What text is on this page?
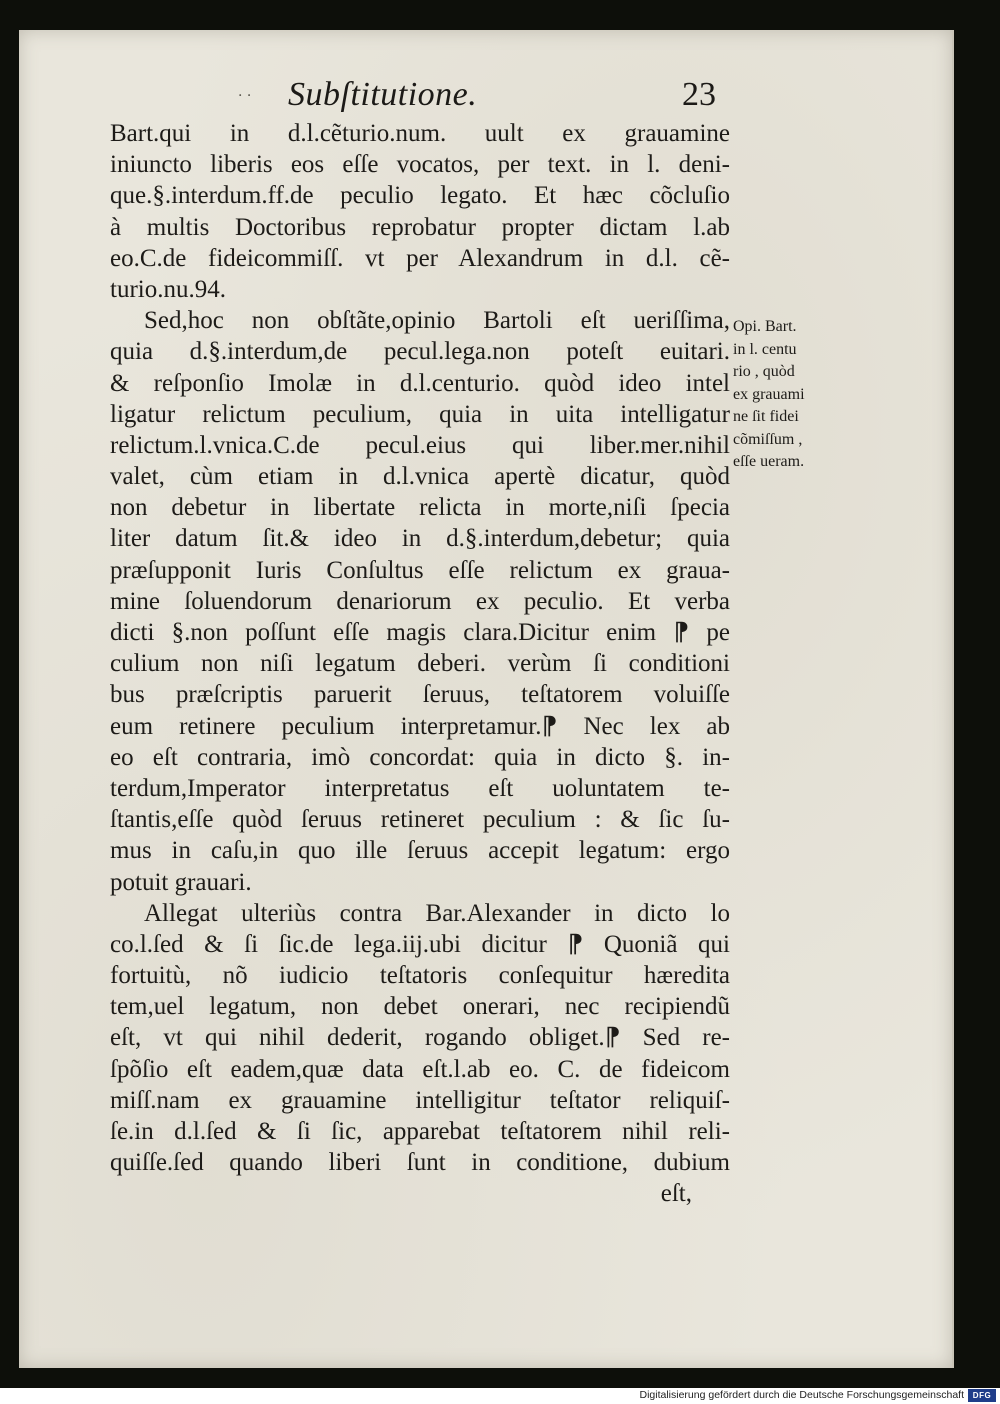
· · Subſtitutione.	23
Bart.qui in d.l.cẽturio.num. uult ex grauamine
iniuncto liberis eos eſſe vocatos, per text. in l. deni-
que.§.interdum.ff.de peculio legato. Et hæc cõcluſio
à multis Doctoribus reprobatur propter dictam l.ab
eo.C.de fideicommiſſ. vt per Alexandrum in d.l. cẽ-
turio.nu.94.
Sed,hoc non obſtãte,opinio Bartoli eſt ueriſſima,
quia d.§.interdum,de pecul.lega.non poteſt euitari.
& reſponſio Imolæ in d.l.centurio. quòd ideo intel
ligatur relictum peculium, quia in uita intelligatur
relictum.l.vnica.C.de pecul.eius qui liber.mer.nihil
valet, cùm etiam in d.l.vnica apertè dicatur, quòd
non debetur in libertate relicta in morte,niſi ſpecia
liter datum ſit.& ideo in d.§.interdum,debetur; quia
præſupponit Iuris Conſultus eſſe relictum ex graua-
mine ſoluendorum denariorum ex peculio. Et verba
dicti §.non poſſunt eſſe magis clara.Dicitur enim ⁋ pe
culium non niſi legatum deberi. verùm ſi conditioni
bus præſcriptis paruerit ſeruus, teſtatorem voluiſſe
eum retinere peculium interpretamur.⁋ Nec lex ab
eo eſt contraria, imò concordat: quia in dicto §. in-
terdum,Imperator interpretatus eſt uoluntatem te-
ſtantis,eſſe quòd ſeruus retineret peculium : & ſic ſu-
mus in caſu,in quo ille ſeruus accepit legatum: ergo
potuit grauari.
Allegat ulteriùs contra Bar.Alexander in dicto lo
co.l.ſed & ſi ſic.de lega.iij.ubi dicitur ⁋ Quoniã qui
fortuitù, nõ iudicio teſtatoris conſequitur hæredita
tem,uel legatum, non debet onerari, nec recipiendũ
eſt, vt qui nihil dederit, rogando obliget.⁋ Sed re-
ſpõſio eſt eadem,quæ data eſt.l.ab eo. C. de fideicom
miſſ.nam ex grauamine intelligitur teſtator reliquiſ-
ſe.in d.l.ſed & ſi ſic, apparebat teſtatorem nihil reli-
quiſſe.ſed quando liberi ſunt in conditione, dubium
eſt,
Opi. Bart.
in l. centu
rio , quòd
ex grauami
ne ſit fidei
cõmiſſum ,
eſſe ueram.
Digitalisierung gefördert durch die Deutsche Forschungsgemeinschaft	DFG
